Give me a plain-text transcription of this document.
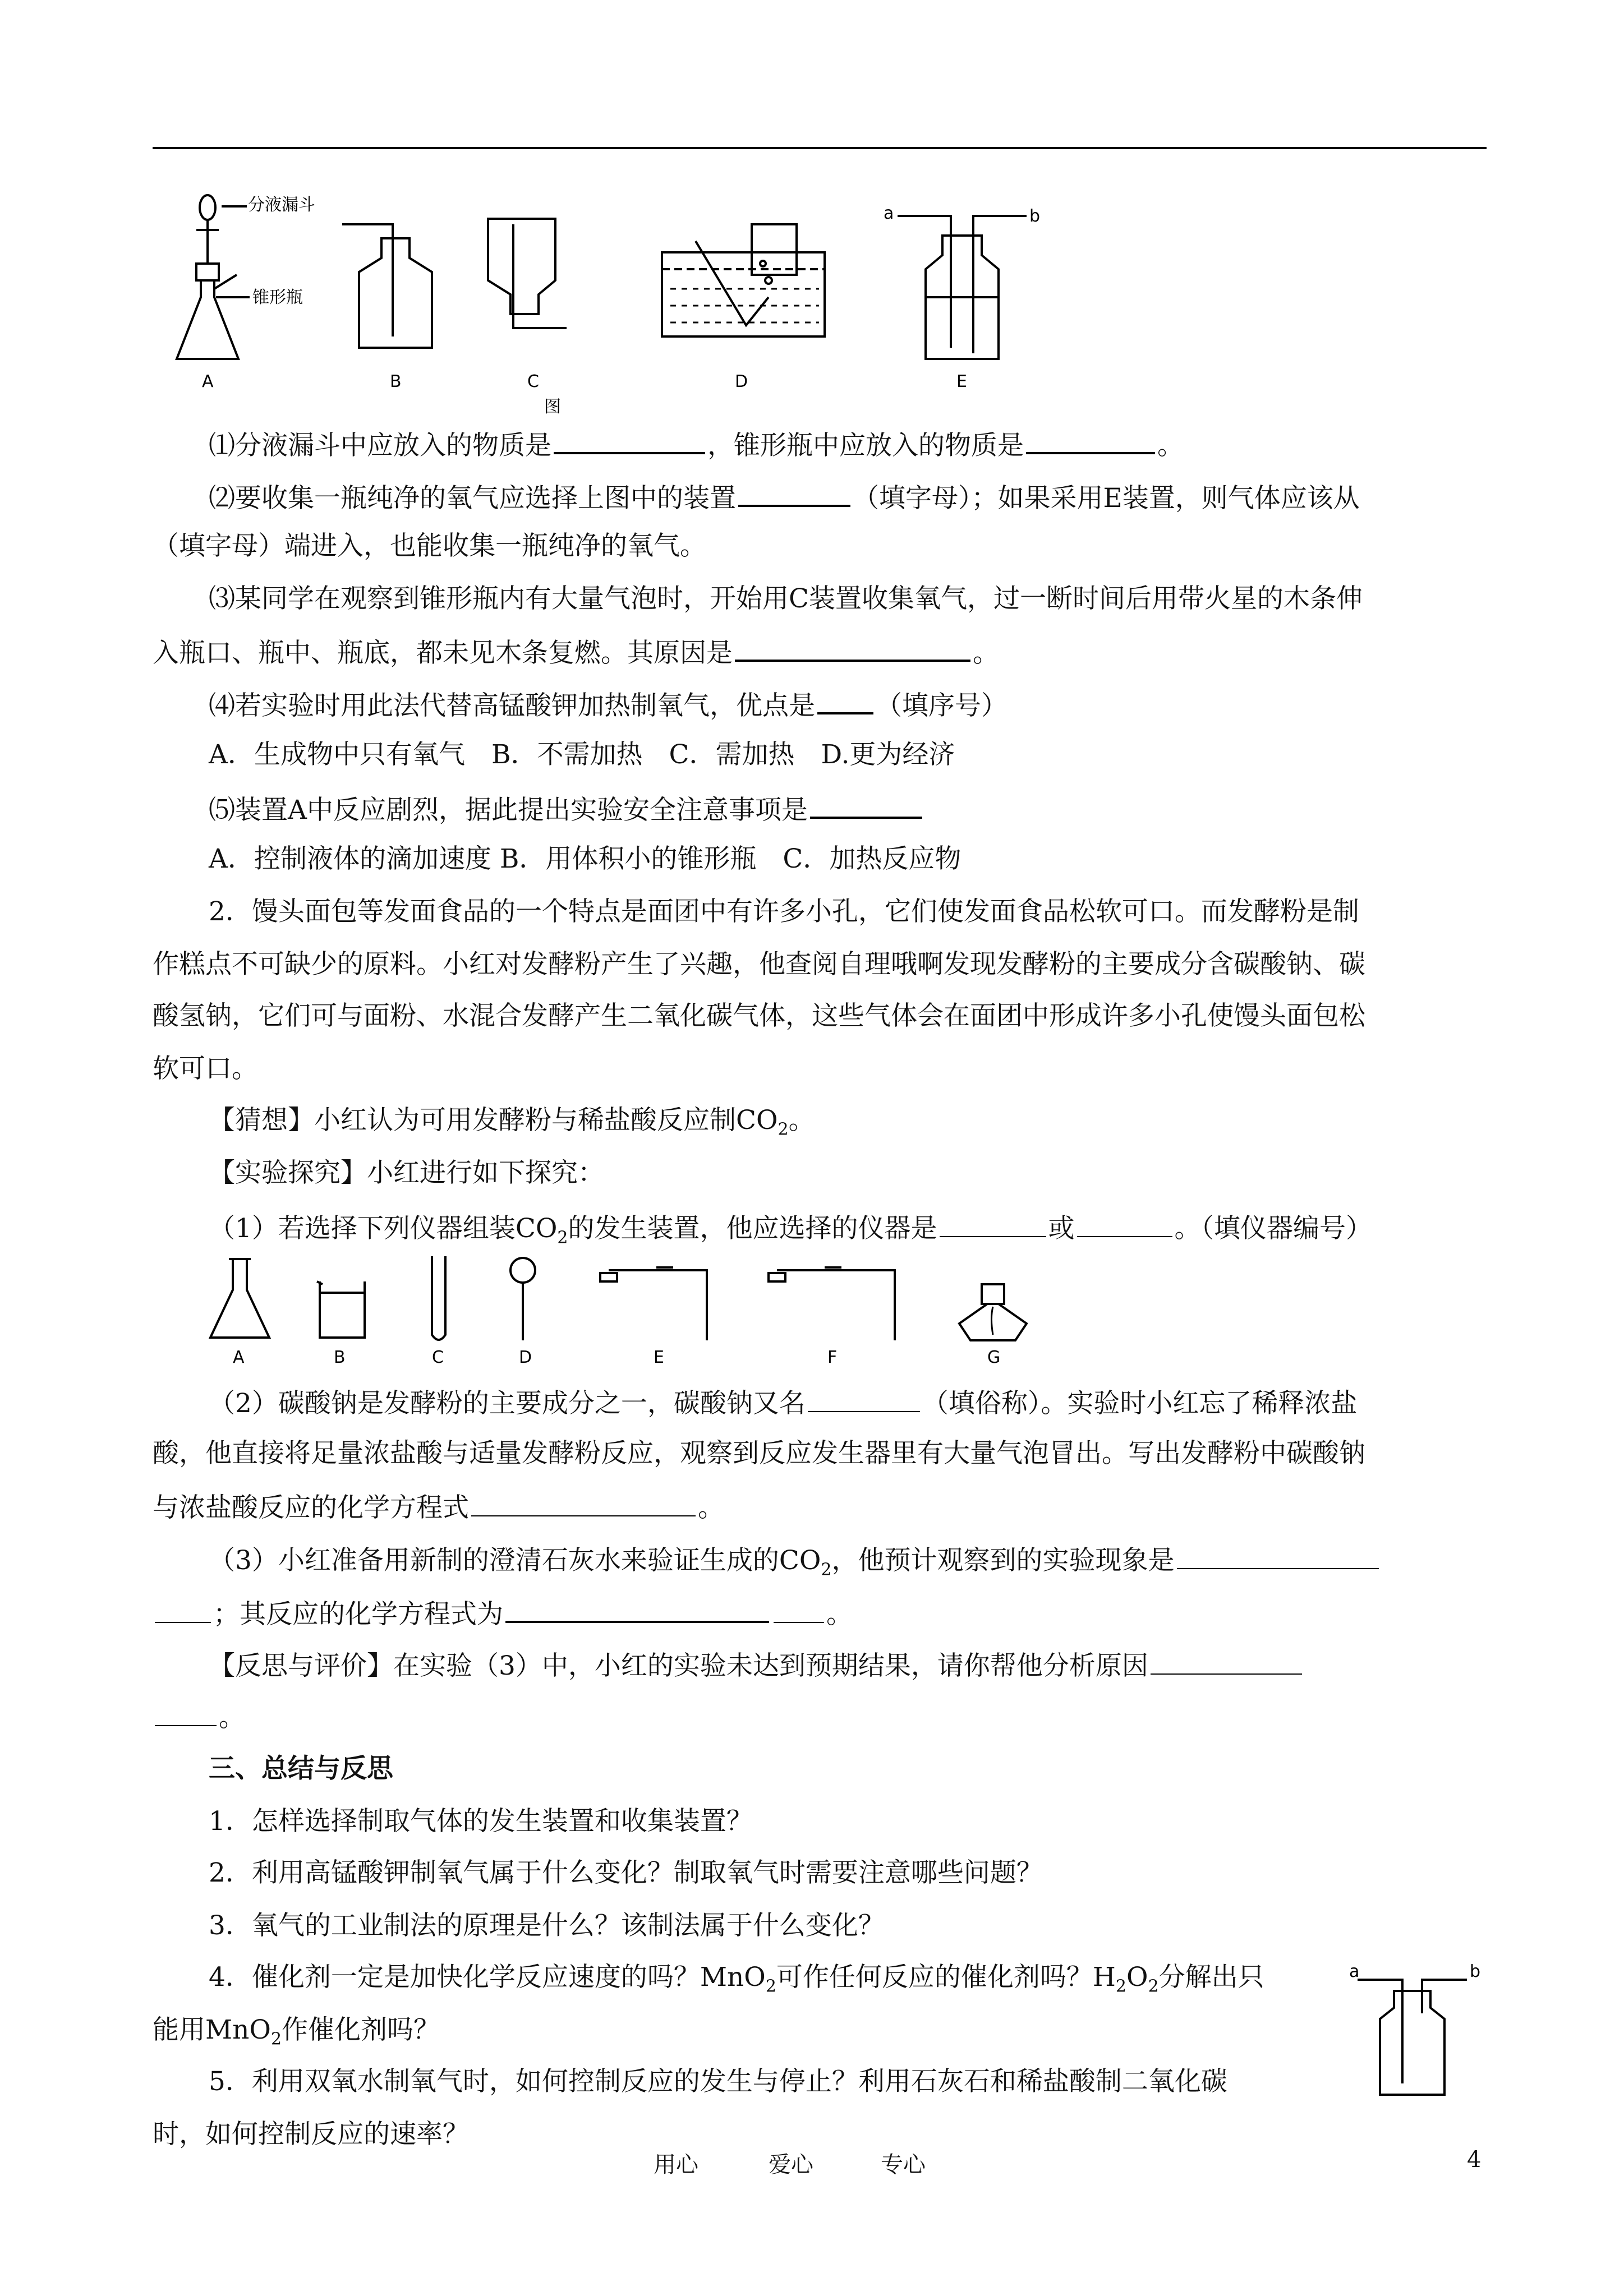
分液漏斗
锥形瓶
A	B	C	D
a	b
E
图
⑴分液漏斗中应放入的物质是	，锥形瓶中应放入的物质是	。
⑵要收集一瓶纯净的氧气应选择上图中的装置	（填字母）；如果采用E装置，则气体应该从
（填字母）端进入，也能收集一瓶纯净的氧气。
⑶某同学在观察到锥形瓶内有大量气泡时，开始用C装置收集氧气，过一断时间后用带火星的木条伸
入瓶口、瓶中、瓶底，都未见木条复燃。其原因是	。
⑷若实验时用此法代替高锰酸钾加热制氧气，优点是 （填序号）
A．生成物中只有氧气　B．不需加热　C．需加热　D.更为经济
⑸装置A中反应剧烈，据此提出实验安全注意事项是
A．控制液体的滴加速度 B．用体积小的锥形瓶　C．加热反应物
2．馒头面包等发面食品的一个特点是面团中有许多小孔，它们使发面食品松软可口。而发酵粉是制
作糕点不可缺少的原料。小红对发酵粉产生了兴趣，他查阅自理哦啊发现发酵粉的主要成分含碳酸钠、碳
酸氢钠，它们可与面粉、水混合发酵产生二氧化碳气体，这些气体会在面团中形成许多小孔使馒头面包松
软可口。
【猜想】小红认为可用发酵粉与稀盐酸反应制$CO_2$。
【实验探究】小红进行如下探究：
（1）若选择下列仪器组装$CO_2$的发生装置，他应选择的仪器是	或	。（填仪器编号）
A	B	C	D	E	F	G
（2）碳酸钠是发酵粉的主要成分之一，碳酸钠又名	（填俗称）。实验时小红忘了稀释浓盐
酸，他直接将足量浓盐酸与适量发酵粉反应，观察到反应发生器里有大量气泡冒出。写出发酵粉中碳酸钠
与浓盐酸反应的化学方程式	。
（3）小红准备用新制的澄清石灰水来验证生成的$CO_2$，他预计观察到的实验现象是
；其反应的化学方程式为	。
【反思与评价】在实验（3）中，小红的实验未达到预期结果，请你帮他分析原因
。
三、总结与反思
1．怎样选择制取气体的发生装置和收集装置？
2．利用高锰酸钾制氧气属于什么变化？制取氧气时需要注意哪些问题？
3．氧气的工业制法的原理是什么？该制法属于什么变化？
4．催化剂一定是加快化学反应速度的吗？MnO$_2$可作任何反应的催化剂吗？$H_2O_2$分解出只
能用MnO$_2$作催化剂吗？
5．利用双氧水制氧气时，如何控制反应的发生与停止？利用石灰石和稀盐酸制二氧化碳
时，如何控制反应的速率？
a	b
用心	爱心	专心	4
